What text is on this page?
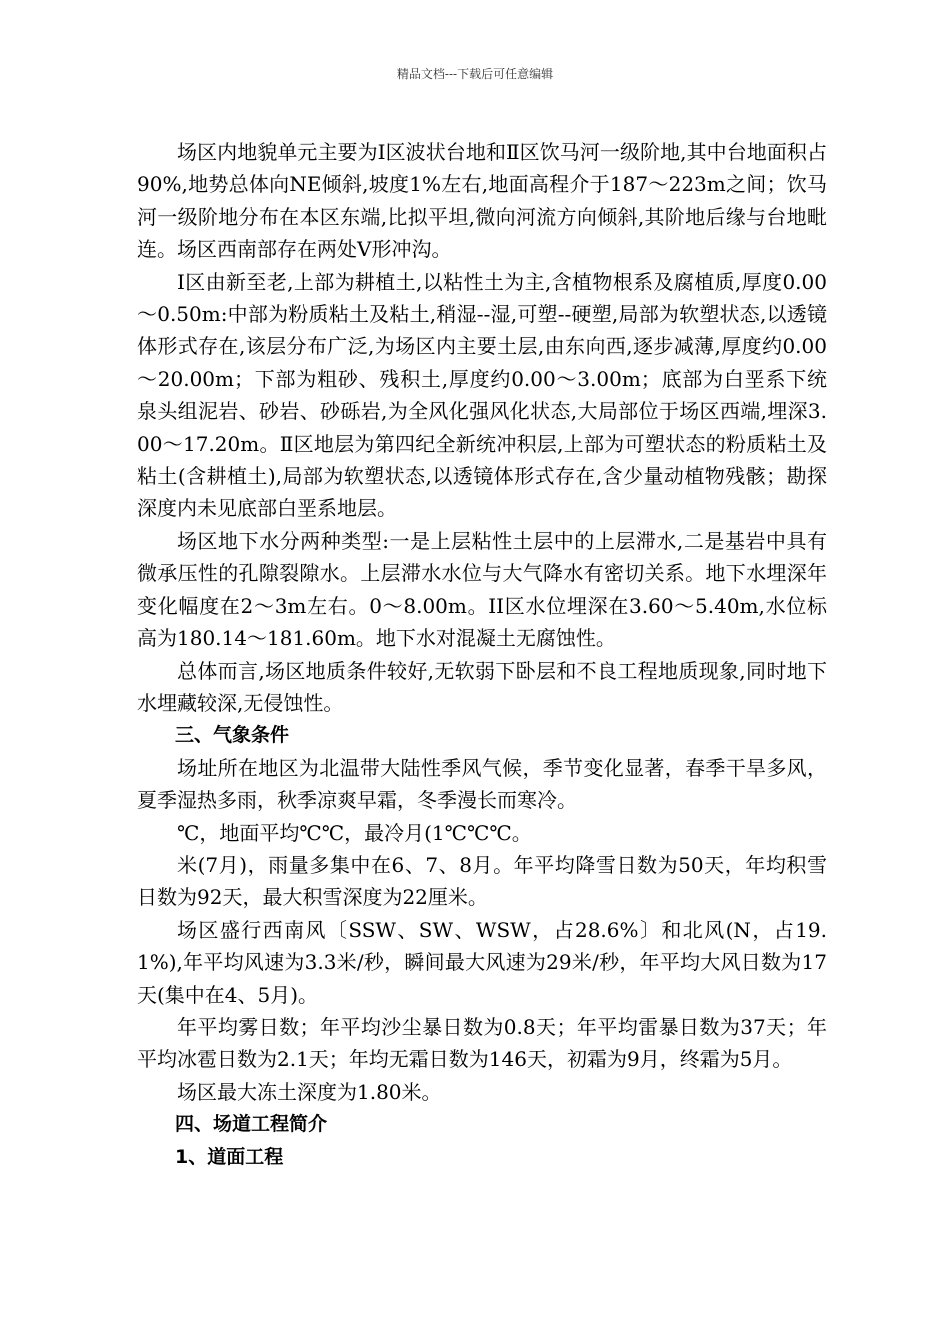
精品文档---下载后可任意编辑

场区内地貌单元主要为Ⅰ区波状台地和Ⅱ区饮马河一级阶地,其中台地面积占90%,地势总体向NE倾斜,坡度1%左右,地面高程介于187～223m之间；饮马河一级阶地分布在本区东端,比拟平坦,微向河流方向倾斜,其阶地后缘与台地毗连。场区西南部存在两处V形冲沟。

Ⅰ区由新至老,上部为耕植土,以粘性土为主,含植物根系及腐植质,厚度0.00～0.50m:中部为粉质粘土及粘土,稍湿--湿,可塑--硬塑,局部为软塑状态,以透镜体形式存在,该层分布广泛,为场区内主要土层,由东向西,逐步减薄,厚度约0.00～20.00m；下部为粗砂、残积土,厚度约0.00～3.00m；底部为白垩系下统泉头组泥岩、砂岩、砂砾岩,为全风化强风化状态,大局部位于场区西端,埋深3.00～17.20m。Ⅱ区地层为第四纪全新统冲积层,上部为可塑状态的粉质粘土及粘土(含耕植土),局部为软塑状态,以透镜体形式存在,含少量动植物残骸；勘探深度内未见底部白垩系地层。

场区地下水分两种类型:一是上层粘性土层中的上层滞水,二是基岩中具有微承压性的孔隙裂隙水。上层滞水水位与大气降水有密切关系。地下水埋深年变化幅度在2～3m左右。0～8.00m。II区水位埋深在3.60～5.40m,水位标高为180.14～181.60m。地下水对混凝土无腐蚀性。

总体而言,场区地质条件较好,无软弱下卧层和不良工程地质现象,同时地下水埋藏较深,无侵蚀性。

三、气象条件

场址所在地区为北温带大陆性季风气候，季节变化显著，春季干旱多风，夏季湿热多雨，秋季凉爽早霜，冬季漫长而寒冷。

℃，地面平均℃℃，最冷月(1℃℃℃。

米(7月)，雨量多集中在6、7、8月。年平均降雪日数为50天，年均积雪日数为92天，最大积雪深度为22厘米。

场区盛行西南风〔SSW、SW、WSW，占28.6%〕和北风(N，占19.1%),年平均风速为3.3米/秒，瞬间最大风速为29米/秒，年平均大风日数为17天(集中在4、5月)。

年平均雾日数；年平均沙尘暴日数为0.8天；年平均雷暴日数为37天；年平均冰雹日数为2.1天；年均无霜日数为146天，初霜为9月，终霜为5月。

场区最大冻土深度为1.80米。

四、场道工程简介

1、道面工程
